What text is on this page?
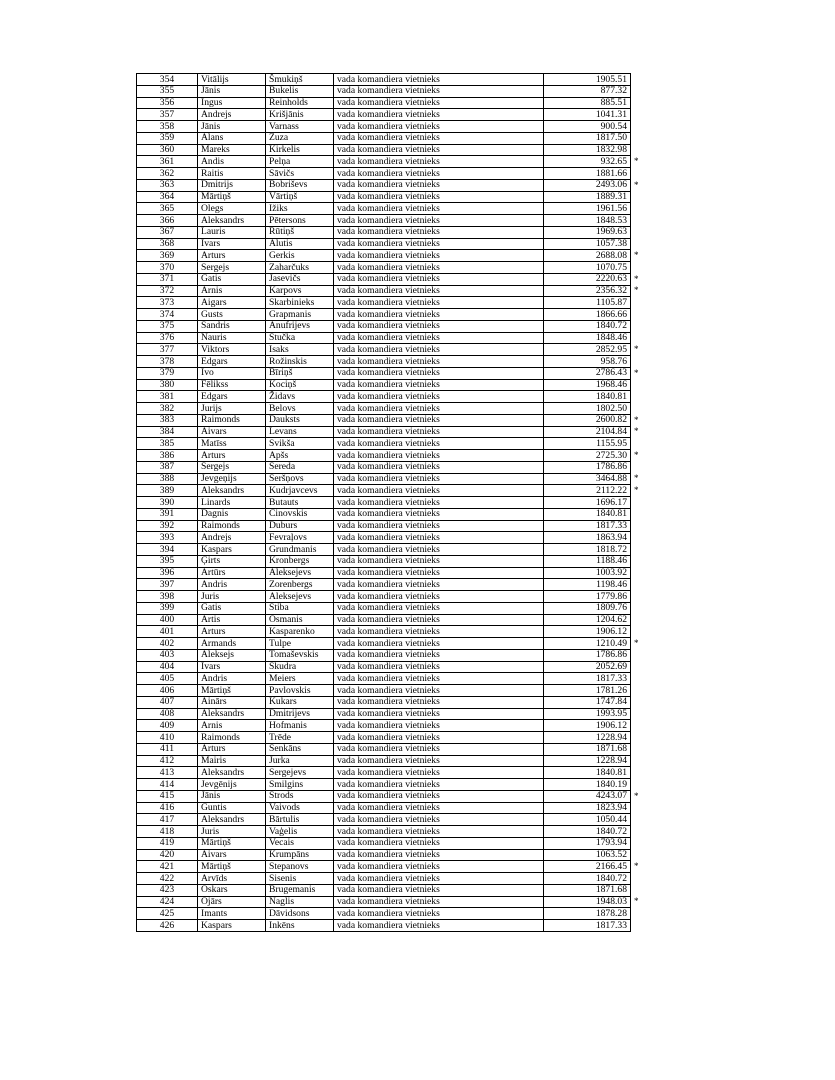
354	Vitālijs	Šmukiņš	vada komandiera vietnieks	1905.51	
355	Jānis	Bukelis	vada komandiera vietnieks	877.32	
356	Ingus	Reinholds	vada komandiera vietnieks	885.51	
357	Andrejs	Krišjānis	vada komandiera vietnieks	1041.31	
358	Jānis	Varnass	vada komandiera vietnieks	900.54	
359	Alans	Zuza	vada komandiera vietnieks	1817.50	
360	Mareks	Kirkelis	vada komandiera vietnieks	1832.98	
361	Andis	Pelņa	vada komandiera vietnieks	932.65	*
362	Raitis	Sāvičs	vada komandiera vietnieks	1881.66	
363	Dmitrijs	Bobriševs	vada komandiera vietnieks	2493.06	*
364	Mārtiņš	Vārtiņš	vada komandiera vietnieks	1889.31	
365	Olegs	Ižiks	vada komandiera vietnieks	1961.56	
366	Aleksandrs	Pētersons	vada komandiera vietnieks	1848.53	
367	Lauris	Rūtiņš	vada komandiera vietnieks	1969.63	
368	Ivars	Alutis	vada komandiera vietnieks	1057.38	
369	Arturs	Gerkis	vada komandiera vietnieks	2688.08	*
370	Sergejs	Zaharčuks	vada komandiera vietnieks	1070.75	
371	Gatis	Jasevičs	vada komandiera vietnieks	2220.63	*
372	Arnis	Karpovs	vada komandiera vietnieks	2356.32	*
373	Aigars	Skarbinieks	vada komandiera vietnieks	1105.87	
374	Gusts	Grapmanis	vada komandiera vietnieks	1866.66	
375	Sandris	Anufrijevs	vada komandiera vietnieks	1840.72	
376	Nauris	Stučka	vada komandiera vietnieks	1848.46	
377	Viktors	Isaks	vada komandiera vietnieks	2852.95	*
378	Edgars	Rožinskis	vada komandiera vietnieks	958.76	
379	Ivo	Bīriņš	vada komandiera vietnieks	2786.43	*
380	Fēlikss	Kociņš	vada komandiera vietnieks	1968.46	
381	Edgars	Židavs	vada komandiera vietnieks	1840.81	
382	Jurijs	Belovs	vada komandiera vietnieks	1802.50	
383	Raimonds	Dauksts	vada komandiera vietnieks	2600.82	*
384	Aivars	Levans	vada komandiera vietnieks	2104.84	*
385	Matīss	Svikša	vada komandiera vietnieks	1155.95	
386	Arturs	Apšs	vada komandiera vietnieks	2725.30	*
387	Sergejs	Sereda	vada komandiera vietnieks	1786.86	
388	Jevgeņijs	Šeršņovs	vada komandiera vietnieks	3464.88	*
389	Aleksandrs	Kudrjavcevs	vada komandiera vietnieks	2112.22	*
390	Linards	Butauts	vada komandiera vietnieks	1696.17	
391	Dagnis	Cinovskis	vada komandiera vietnieks	1840.81	
392	Raimonds	Duburs	vada komandiera vietnieks	1817.33	
393	Andrejs	Fevraļovs	vada komandiera vietnieks	1863.94	
394	Kaspars	Grundmanis	vada komandiera vietnieks	1818.72	
395	Ģirts	Kronbergs	vada komandiera vietnieks	1188.46	
396	Artūrs	Aleksejevs	vada komandiera vietnieks	1003.92	
397	Andris	Zorenbergs	vada komandiera vietnieks	1198.46	
398	Juris	Aleksejevs	vada komandiera vietnieks	1779.86	
399	Gatis	Stiba	vada komandiera vietnieks	1809.76	
400	Artis	Osmanis	vada komandiera vietnieks	1204.62	
401	Arturs	Kasparenko	vada komandiera vietnieks	1906.12	
402	Armands	Tulpe	vada komandiera vietnieks	1210.49	*
403	Aleksejs	Tomaševskis	vada komandiera vietnieks	1786.86	
404	Ivars	Skudra	vada komandiera vietnieks	2052.69	
405	Andris	Meiers	vada komandiera vietnieks	1817.33	
406	Mārtiņš	Pavlovskis	vada komandiera vietnieks	1781.26	
407	Ainārs	Kukars	vada komandiera vietnieks	1747.84	
408	Aleksandrs	Dmitrijevs	vada komandiera vietnieks	1993.95	
409	Arnis	Hofmanis	vada komandiera vietnieks	1906.12	
410	Raimonds	Trēde	vada komandiera vietnieks	1228.94	
411	Arturs	Senkāns	vada komandiera vietnieks	1871.68	
412	Mairis	Jurka	vada komandiera vietnieks	1228.94	
413	Aleksandrs	Sergejevs	vada komandiera vietnieks	1840.81	
414	Jevgēnijs	Smilgins	vada komandiera vietnieks	1840.19	
415	Jānis	Strods	vada komandiera vietnieks	4243.07	*
416	Guntis	Vaivods	vada komandiera vietnieks	1823.94	
417	Aleksandrs	Bārtulis	vada komandiera vietnieks	1050.44	
418	Juris	Vaģelis	vada komandiera vietnieks	1840.72	
419	Mārtiņš	Vecais	vada komandiera vietnieks	1793.94	
420	Aivars	Krumpāns	vada komandiera vietnieks	1063.52	
421	Mārtiņš	Stepanovs	vada komandiera vietnieks	2166.45	*
422	Arvīds	Sisenis	vada komandiera vietnieks	1840.72	
423	Oskars	Brugemanis	vada komandiera vietnieks	1871.68	
424	Ojārs	Naglis	vada komandiera vietnieks	1948.03	*
425	Imants	Dāvidsons	vada komandiera vietnieks	1878.28	
426	Kaspars	Inkēns	vada komandiera vietnieks	1817.33	
